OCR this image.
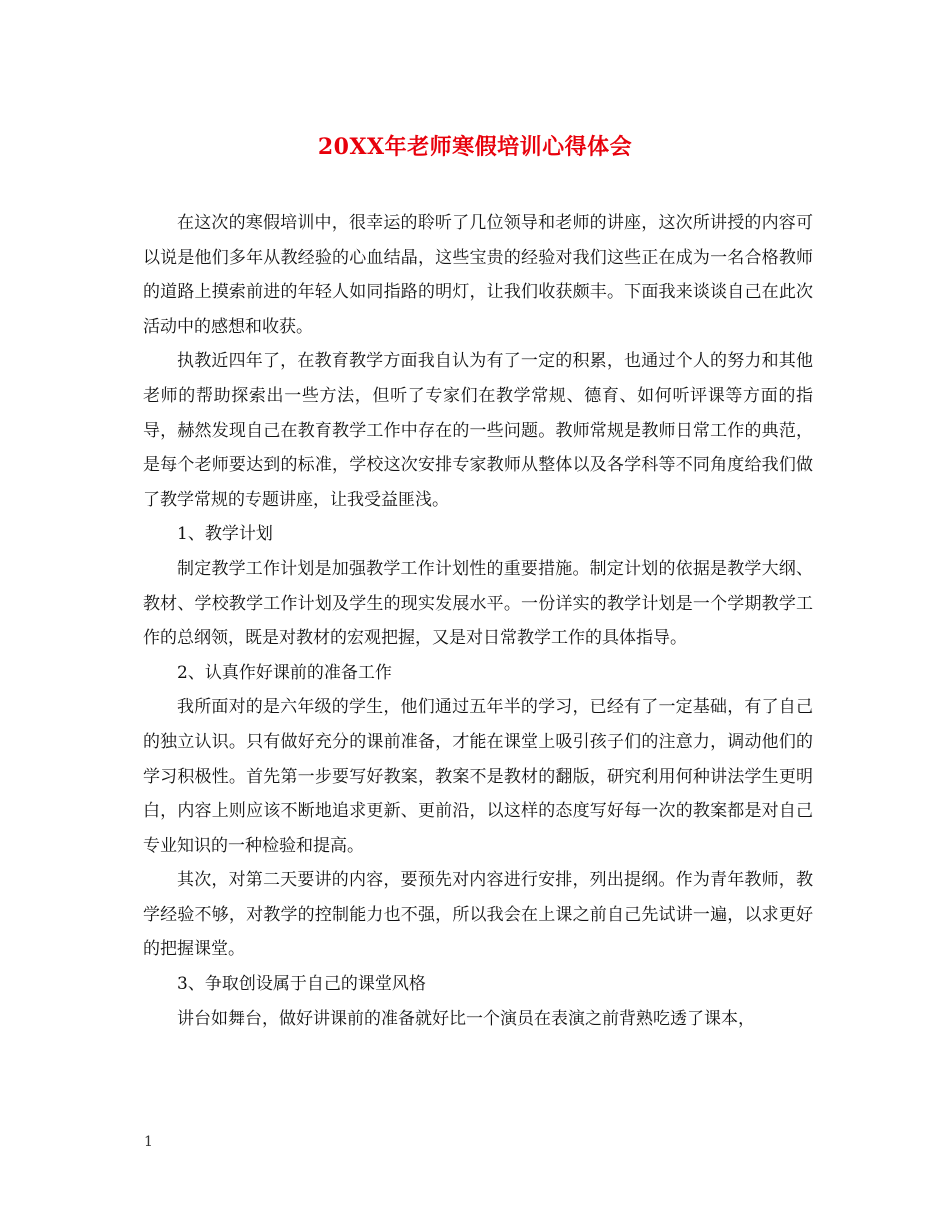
20XX年老师寒假培训心得体会

在这次的寒假培训中，很幸运的聆听了几位领导和老师的讲座，这次所讲授的内容可以说是他们多年从教经验的心血结晶，这些宝贵的经验对我们这些正在成为一名合格教师的道路上摸索前进的年轻人如同指路的明灯，让我们收获颇丰。下面我来谈谈自己在此次活动中的感想和收获。

执教近四年了，在教育教学方面我自认为有了一定的积累，也通过个人的努力和其他老师的帮助探索出一些方法，但听了专家们在教学常规、德育、如何听评课等方面的指导，赫然发现自己在教育教学工作中存在的一些问题。教师常规是教师日常工作的典范，是每个老师要达到的标准，学校这次安排专家教师从整体以及各学科等不同角度给我们做了教学常规的专题讲座，让我受益匪浅。

1、教学计划

制定教学工作计划是加强教学工作计划性的重要措施。制定计划的依据是教学大纲、教材、学校教学工作计划及学生的现实发展水平。一份详实的教学计划是一个学期教学工作的总纲领，既是对教材的宏观把握，又是对日常教学工作的具体指导。

2、认真作好课前的准备工作

我所面对的是六年级的学生，他们通过五年半的学习，已经有了一定基础，有了自己的独立认识。只有做好充分的课前准备，才能在课堂上吸引孩子们的注意力，调动他们的学习积极性。首先第一步要写好教案，教案不是教材的翻版，研究利用何种讲法学生更明白，内容上则应该不断地追求更新、更前沿，以这样的态度写好每一次的教案都是对自己专业知识的一种检验和提高。

其次，对第二天要讲的内容，要预先对内容进行安排，列出提纲。作为青年教师，教学经验不够，对教学的控制能力也不强，所以我会在上课之前自己先试讲一遍，以求更好的把握课堂。

3、争取创设属于自己的课堂风格

讲台如舞台，做好讲课前的准备就好比一个演员在表演之前背熟吃透了课本，

1
